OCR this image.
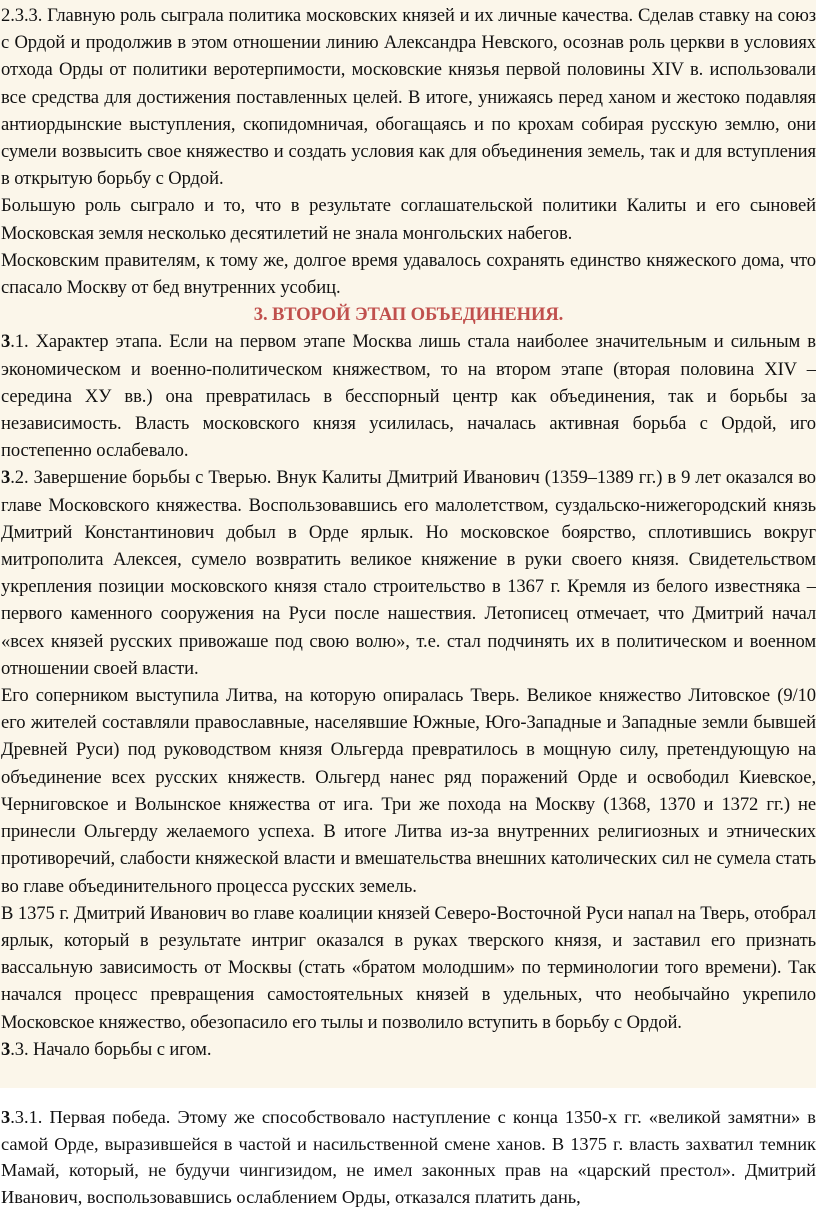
2.3.3. Главную роль сыграла политика московских князей и их личные качества. Сделав ставку на союз с Ордой и продолжив в этом отношении линию Александра Невского, осознав роль церкви в условиях отхода Орды от политики веротерпимости, московские князья первой половины XIV в. использовали все средства для достижения поставленных целей. В итоге, унижаясь перед ханом и жестоко подавляя антиордынские выступления, скопидомничая, обогащаясь и по крохам собирая русскую землю, они сумели возвысить свое княжество и создать условия как для объединения земель, так и для вступления в открытую борьбу с Ордой.

Большую роль сыграло и то, что в результате соглашательской политики Калиты и его сыновей Московская земля несколько десятилетий не знала монгольских набегов.

Московским правителям, к тому же, долгое время удавалось сохранять единство княжеского дома, что спасало Москву от бед внутренних усобиц.

3. ВТОРОЙ ЭТАП ОБЪЕДИНЕНИЯ.

3.1. Характер этапа. Если на первом этапе Москва лишь стала наиболее значительным и сильным в экономическом и военно-политическом княжеством, то на втором этапе (вторая половина XIV – середина ХУ вв.) она превратилась в бесспорный центр как объединения, так и борьбы за независимость. Власть московского князя усилилась, началась активная борьба с Ордой, иго постепенно ослабевало.

3.2. Завершение борьбы с Тверью. Внук Калиты Дмитрий Иванович (1359–1389 гг.) в 9 лет оказался во главе Московского княжества. Воспользовавшись его малолетством, суздальско-нижегородский князь Дмитрий Константинович добыл в Орде ярлык. Но московское боярство, сплотившись вокруг митрополита Алексея, сумело возвратить великое княжение в руки своего князя. Свидетельством укрепления позиции московского князя стало строительство в 1367 г. Кремля из белого известняка – первого каменного сооружения на Руси после нашествия. Летописец отмечает, что Дмитрий начал «всех князей русских привожаше под свою волю», т.е. стал подчинять их в политическом и военном отношении своей власти.

Его соперником выступила Литва, на которую опиралась Тверь. Великое княжество Литовское (9/10 его жителей составляли православные, населявшие Южные, Юго-Западные и Западные земли бывшей Древней Руси) под руководством князя Ольгерда превратилось в мощную силу, претендующую на объединение всех русских княжеств. Ольгерд нанес ряд поражений Орде и освободил Киевское, Черниговское и Волынское княжества от ига. Три же похода на Москву (1368, 1370 и 1372 гг.) не принесли Ольгерду желаемого успеха. В итоге Литва из-за внутренних религиозных и этнических противоречий, слабости княжеской власти и вмешательства внешних католических сил не сумела стать во главе объединительного процесса русских земель.

В 1375 г. Дмитрий Иванович во главе коалиции князей Северо-Восточной Руси напал на Тверь, отобрал ярлык, который в результате интриг оказался в руках тверского князя, и заставил его признать вассальную зависимость от Москвы (стать «братом молодшим» по терминологии того времени). Так начался процесс превращения самостоятельных князей в удельных, что необычайно укрепило Московское княжество, обезопасило его тылы и позволило вступить в борьбу с Ордой.

3.3. Начало борьбы с игом.

3.3.1. Первая победа. Этому же способствовало наступление с конца 1350-х гг. «великой замятни» в самой Орде, выразившейся в частой и насильственной смене ханов. В 1375 г. власть захватил темник Мамай, который, не будучи чингизидом, не имел законных прав на «царский престол». Дмитрий Иванович, воспользовавшись ослаблением Орды, отказался платить дань,
